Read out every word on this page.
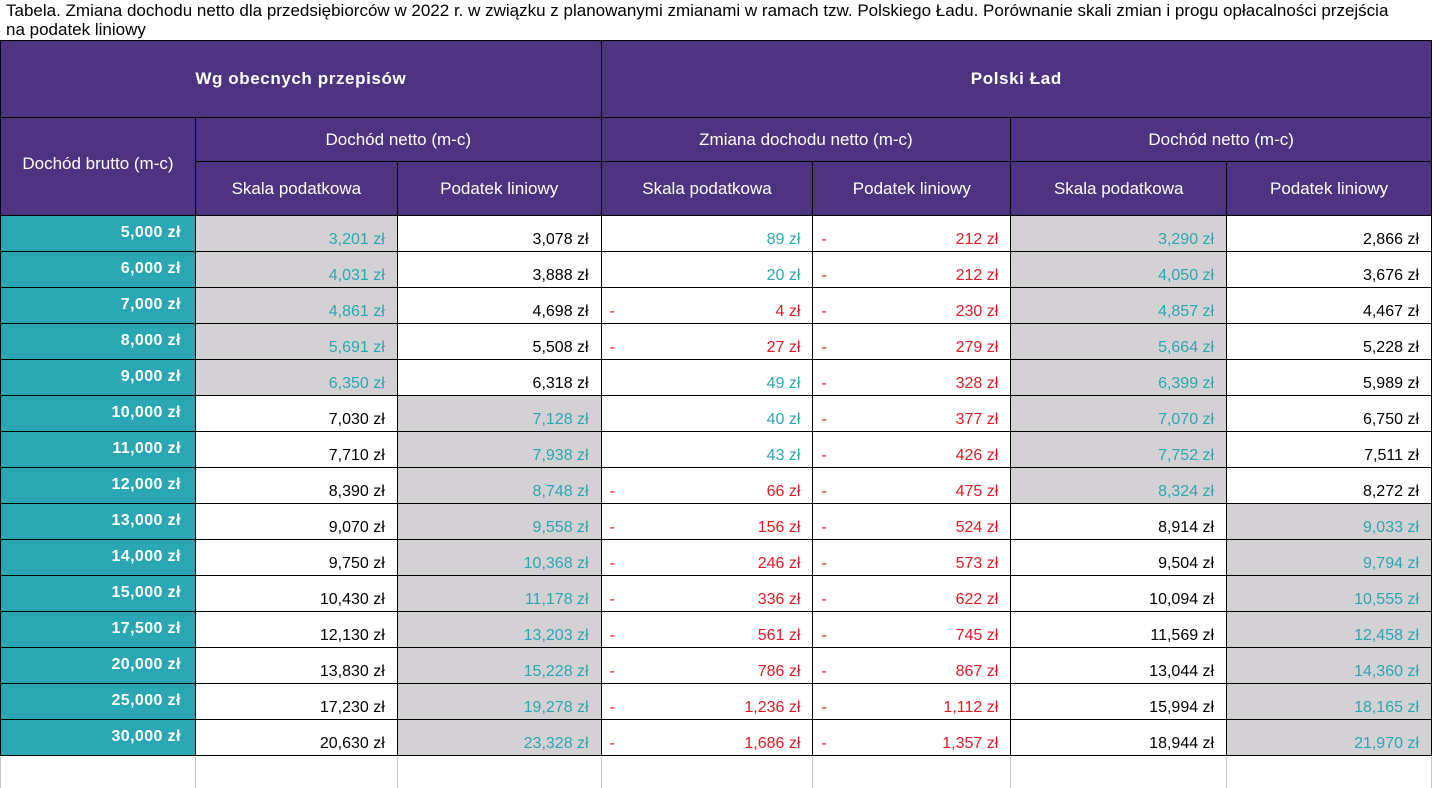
Tabela. Zmiana dochodu netto dla przedsiębiorców w 2022 r. w związku z planowanymi zmianami w ramach tzw. Polskiego Ładu. Porównanie skali zmian i progu opłacalności przejścia na podatek liniowy
Wg obecnych przepisów			Polski Ład			
Dochód brutto (m-c)	Dochód netto (m-c)		Zmiana dochodu netto (m-c)		Dochód netto (m-c)	
	Skala podatkowa	Podatek liniowy	Skala podatkowa	Podatek liniowy	Skala podatkowa	Podatek liniowy
5,000 zł	3,201 zł	3,078 zł	89 zł	- 212 zł	3,290 zł	2,866 zł

6,000 zł	4,031 zł	3,888 zł	20 zł	- 212 zł	4,050 zł	3,676 zł

7,000 zł	4,861 zł	4,698 zł	- 4 zł	- 230 zł	4,857 zł	4,467 zł

8,000 zł	5,691 zł	5,508 zł	- 27 zł	- 279 zł	5,664 zł	5,228 zł

9,000 zł	6,350 zł	6,318 zł	49 zł	- 328 zł	6,399 zł	5,989 zł

10,000 zł	7,030 zł	7,128 zł	40 zł	- 377 zł	7,070 zł	6,750 zł

11,000 zł	7,710 zł	7,938 zł	43 zł	- 426 zł	7,752 zł	7,511 zł

12,000 zł	8,390 zł	8,748 zł	- 66 zł	- 475 zł	8,324 zł	8,272 zł

13,000 zł	9,070 zł	9,558 zł	- 156 zł	- 524 zł	8,914 zł	9,033 zł

14,000 zł	9,750 zł	10,368 zł	- 246 zł	- 573 zł	9,504 zł	9,794 zł

15,000 zł	10,430 zł	11,178 zł	- 336 zł	- 622 zł	10,094 zł	10,555 zł

17,500 zł	12,130 zł	13,203 zł	- 561 zł	- 745 zł	11,569 zł	12,458 zł

20,000 zł	13,830 zł	15,228 zł	- 786 zł	- 867 zł	13,044 zł	14,360 zł

25,000 zł	17,230 zł	19,278 zł	- 1,236 zł	- 1,112 zł	15,994 zł	18,165 zł

30,000 zł	20,630 zł	23,328 zł	- 1,686 zł	- 1,357 zł	18,944 zł	21,970 zł
